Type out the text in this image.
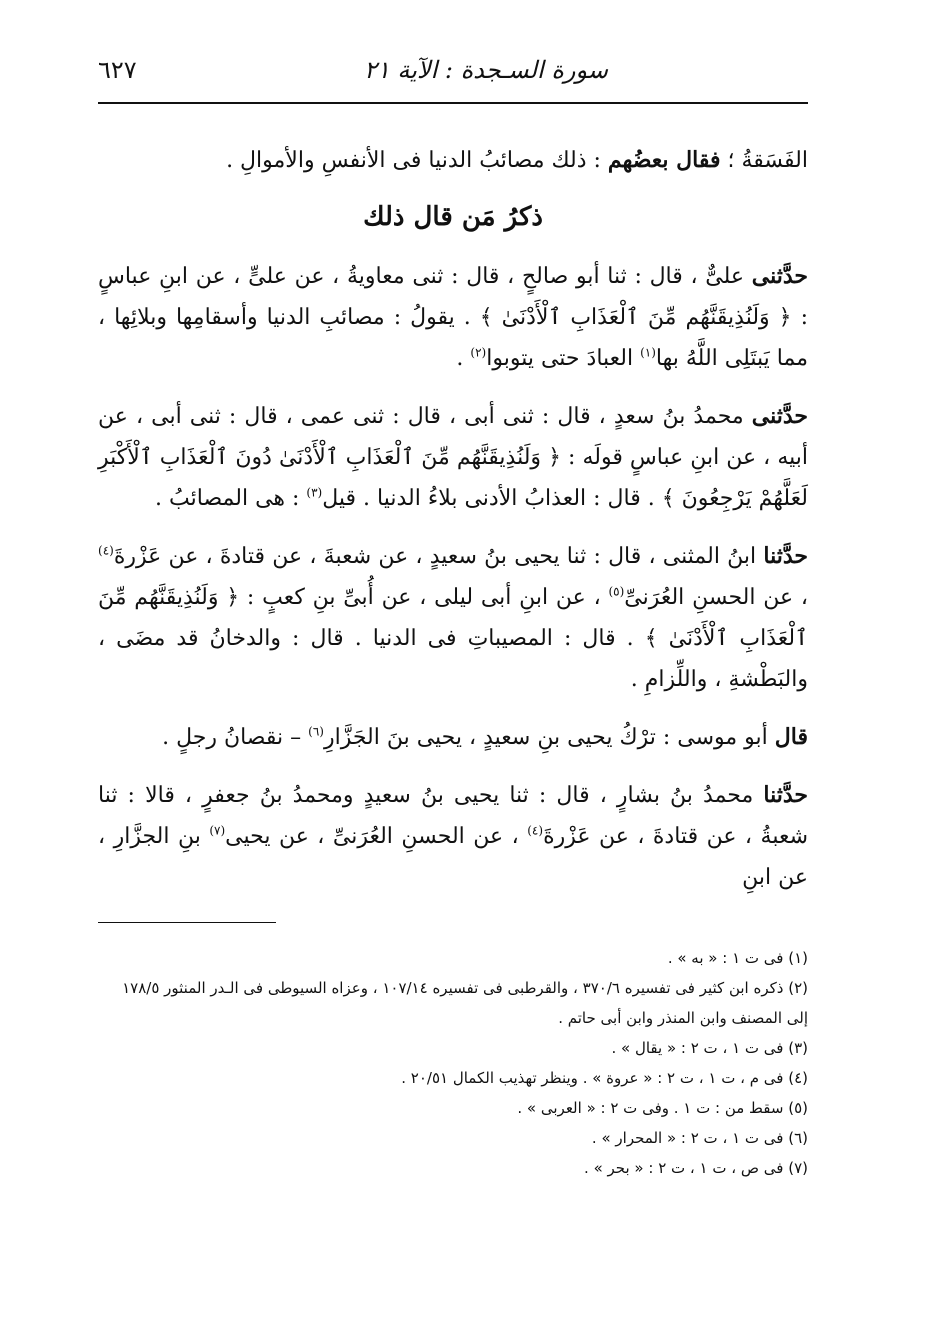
سورة السـجدة : الآية ٢١
٦٢٧

الفَسَقةُ ؛ فقال بعضُهم : ذلك مصائبُ الدنيا فى الأنفسِ والأموالِ .

ذكرُ مَن قال ذلك

حدَّثنى علىٌّ ، قال : ثنا أبو صالحٍ ، قال : ثنى معاويةُ ، عن علىٍّ ، عن ابنِ عباسٍ : ﴿ وَلَنُذِيقَنَّهُم مِّنَ ٱلْعَذَابِ ٱلْأَدْنَىٰ ﴾ . يقولُ : مصائبِ الدنيا وأسقامِها وبلائِها ، مما يَبتَلِى اللَّهُ بها$^{(١)}$ العبادَ حتى يتوبوا$^{(٢)}$ .

حدَّثنى محمدُ بنُ سعدٍ ، قال : ثنى أبى ، قال : ثنى عمى ، قال : ثنى أبى ، عن أبيه ، عن ابنِ عباسٍ قولَه : ﴿ وَلَنُذِيقَنَّهُم مِّنَ ٱلْعَذَابِ ٱلْأَدْنَىٰ دُونَ ٱلْعَذَابِ ٱلْأَكْبَرِ لَعَلَّهُمْ يَرْجِعُونَ ﴾ . قال : العذابُ الأدنى بلاءُ الدنيا . قيل$^{(٣)}$ : هى المصائبُ .

حدَّثنا ابنُ المثنى ، قال : ثنا يحيى بنُ سعيدٍ ، عن شعبةَ ، عن قتادةَ ، عن عَزْرةَ$^{(٤)}$ ، عن الحسنِ العُرَنىِّ$^{(٥)}$ ، عن ابنِ أبى ليلى ، عن أُبىِّ بنِ كعبٍ : ﴿ وَلَنُذِيقَنَّهُم مِّنَ ٱلْعَذَابِ ٱلْأَدْنَىٰ ﴾ . قال : المصيباتِ فى الدنيا . قال : والدخانُ قد مضَى ، والبَطْشةِ ، واللِّزامِ .

قال أبو موسى : ترْكُ يحيى بنِ سعيدٍ ، يحيى بنَ الجَزَّارِ$^{(٦)}$ – نقصانُ رجلٍ .

حدَّثنا محمدُ بنُ بشارٍ ، قال : ثنا يحيى بنُ سعيدٍ ومحمدُ بنُ جعفرٍ ، قالا : ثنا شعبةُ ، عن قتادةَ ، عن عَزْرةَ$^{(٤)}$ ، عن الحسنِ العُرَنىِّ ، عن يحيى$^{(٧)}$ بنِ الجزَّارِ ، عن ابنِ

(١) فى ت ١ : « به » .

(٢) ذكره ابن كثير فى تفسيره ٣٧٠/٦ ، والقرطبى فى تفسيره ١٠٧/١٤ ، وعزاه السيوطى فى الـدر المنثور ١٧٨/٥ إلى المصنف وابن المنذر وابن أبى حاتم .

(٣) فى ت ١ ، ت ٢ : « يقال » .

(٤) فى م ، ت ١ ، ت ٢ : « عروة » . وينظر تهذيب الكمال ٢٠/٥١ .

(٥) سقط من : ت ١ . وفى ت ٢ : « العربى » .

(٦) فى ت ١ ، ت ٢ : « المحرار » .

(٧) فى ص ، ت ١ ، ت ٢ : « بحر » .
